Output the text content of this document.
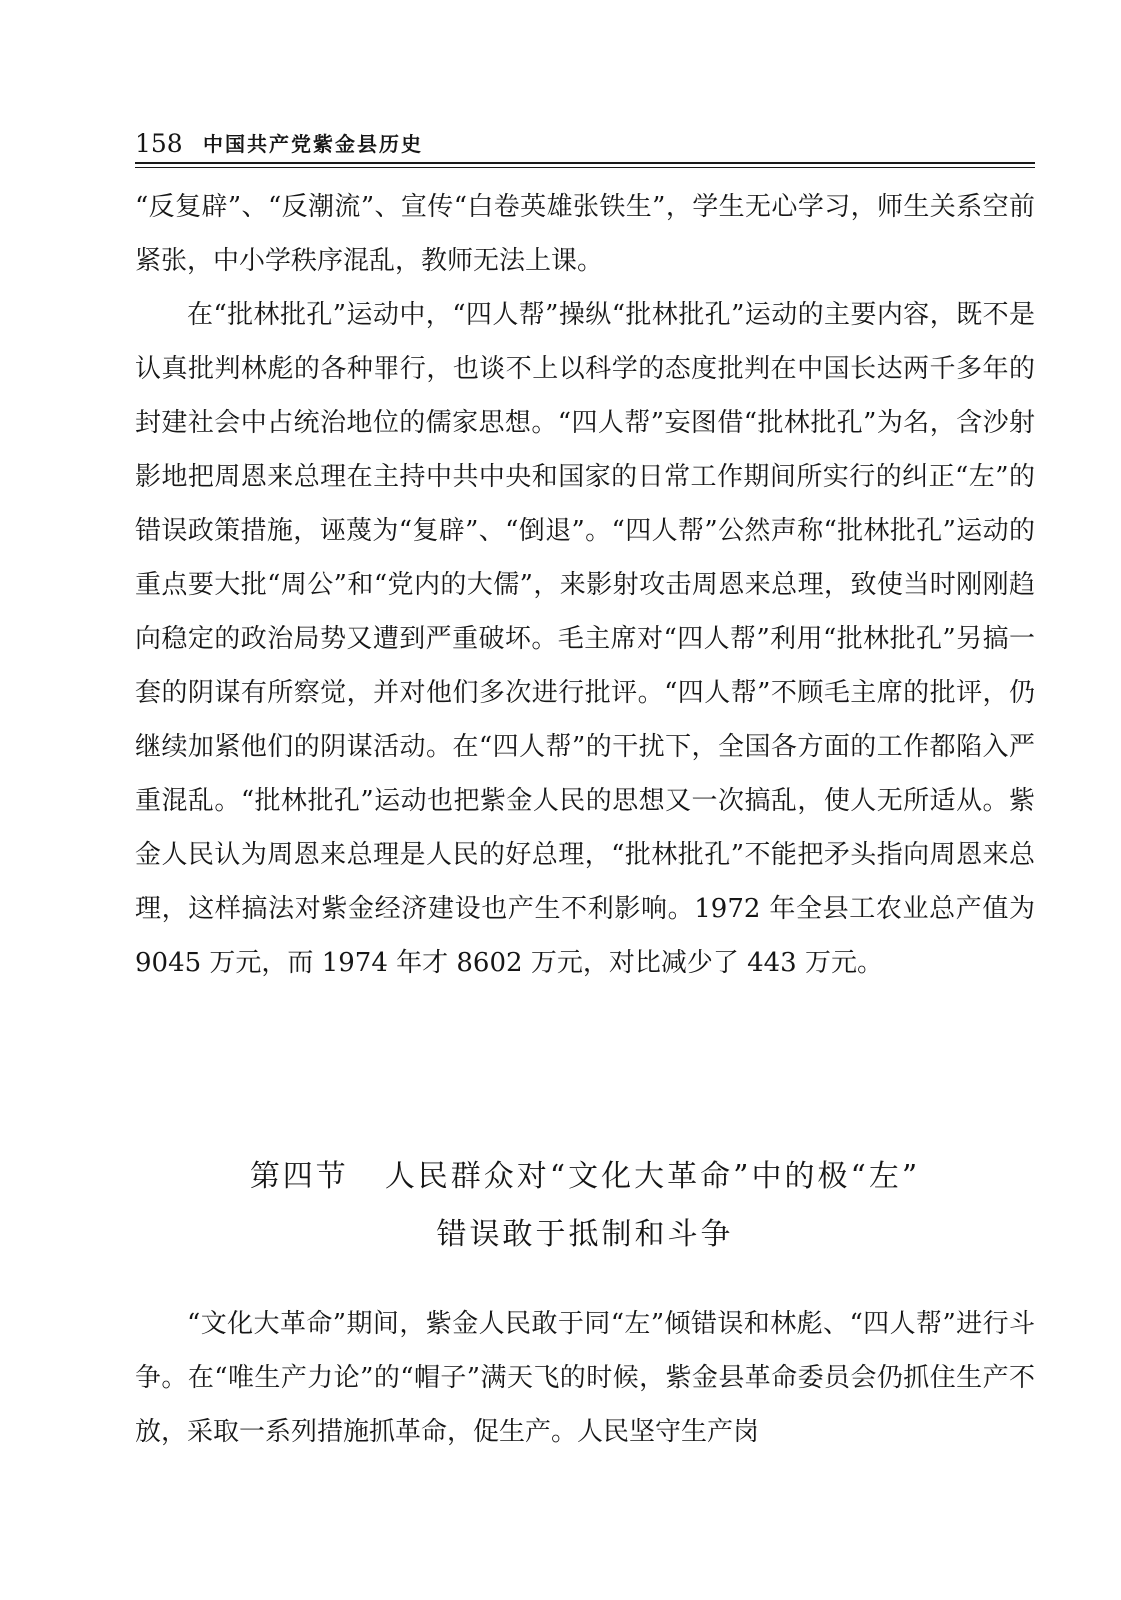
158 中国共产党紫金县历史

“反复辟”、“反潮流”、宣传“白卷英雄张铁生”，学生无心学习，师生关系空前紧张，中小学秩序混乱，教师无法上课。

在“批林批孔”运动中，“四人帮”操纵“批林批孔”运动的主要内容，既不是认真批判林彪的各种罪行，也谈不上以科学的态度批判在中国长达两千多年的封建社会中占统治地位的儒家思想。“四人帮”妄图借“批林批孔”为名，含沙射影地把周恩来总理在主持中共中央和国家的日常工作期间所实行的纠正“左”的错误政策措施，诬蔑为“复辟”、“倒退”。“四人帮”公然声称“批林批孔”运动的重点要大批“周公”和“党内的大儒”，来影射攻击周恩来总理，致使当时刚刚趋向稳定的政治局势又遭到严重破坏。毛主席对“四人帮”利用“批林批孔”另搞一套的阴谋有所察觉，并对他们多次进行批评。“四人帮”不顾毛主席的批评，仍继续加紧他们的阴谋活动。在“四人帮”的干扰下，全国各方面的工作都陷入严重混乱。“批林批孔”运动也把紫金人民的思想又一次搞乱，使人无所适从。紫金人民认为周恩来总理是人民的好总理，“批林批孔”不能把矛头指向周恩来总理，这样搞法对紫金经济建设也产生不利影响。1972 年全县工农业总产值为 9045 万元，而 1974 年才 8602 万元，对比减少了 443 万元。

第四节 人民群众对“文化大革命”中的极“左”
错误敢于抵制和斗争

“文化大革命”期间，紫金人民敢于同“左”倾错误和林彪、“四人帮”进行斗争。在“唯生产力论”的“帽子”满天飞的时候，紫金县革命委员会仍抓住生产不放，采取一系列措施抓革命，促生产。人民坚守生产岗
